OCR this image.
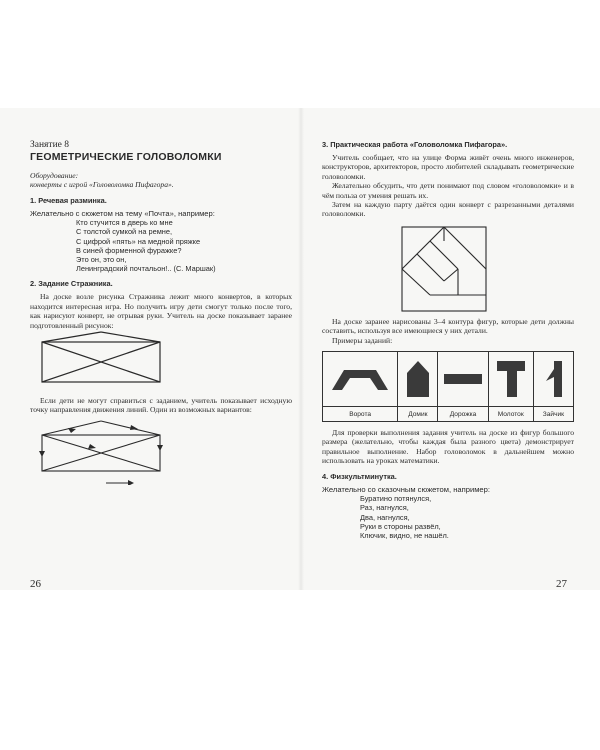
Занятие 8

ГЕОМЕТРИЧЕСКИЕ ГОЛОВОЛОМКИ

Оборудование:

конверты с игрой «Головоломка Пифагора».

1. Речевая разминка.

Желательно с сюжетом на тему «Почта», например:

Кто стучится в дверь ко мне

С толстой сумкой на ремне,

С цифрой «пять» на медной пряжке

В синей форменной фуражке?

Это он, это он,

Ленинградский почтальон!.. (С. Маршак)

2. Задание Стражника.

На доске возле рисунка Стражника лежит много конвертов, в которых находится интересная игра. Но получить игру дети смогут только после того, как нарисуют конверт, не отрывая руки. Учитель на доске показывает заранее подготовленный рисунок:

Если дети не могут справиться с заданием, учитель показывает исходную точку направления движения линий. Один из возможных вариантов:

26

3. Практическая работа «Головоломка Пифагора».

Учитель сообщает, что на улице Форма живёт очень много инженеров, конструкторов, архитекторов, просто любителей складывать геометрические головоломки.

Желательно обсудить, что дети понимают под словом «головоломки» и в чём польза от умения решать их.

Затем на каждую парту даётся один конверт с разрезанными деталями головоломки.

На доске заранее нарисованы 3–4 контура фигур, которые дети должны составить, используя все имеющиеся у них детали.

Примеры заданий:

Ворота	Домик	Дорожка	Молоток	Зайчик

Для проверки выполнения задания учитель на доске из фигур большого размера (желательно, чтобы каждая была разного цвета) демонстрирует правильное выполнение. Набор головоломок в дальнейшем можно использовать на уроках математики.

4. Физкультминутка.

Желательно со сказочным сюжетом, например:

Буратино потянулся,

Раз, нагнулся,

Два, нагнулся,

Руки в стороны развёл,

Ключик, видно, не нашёл.

27
